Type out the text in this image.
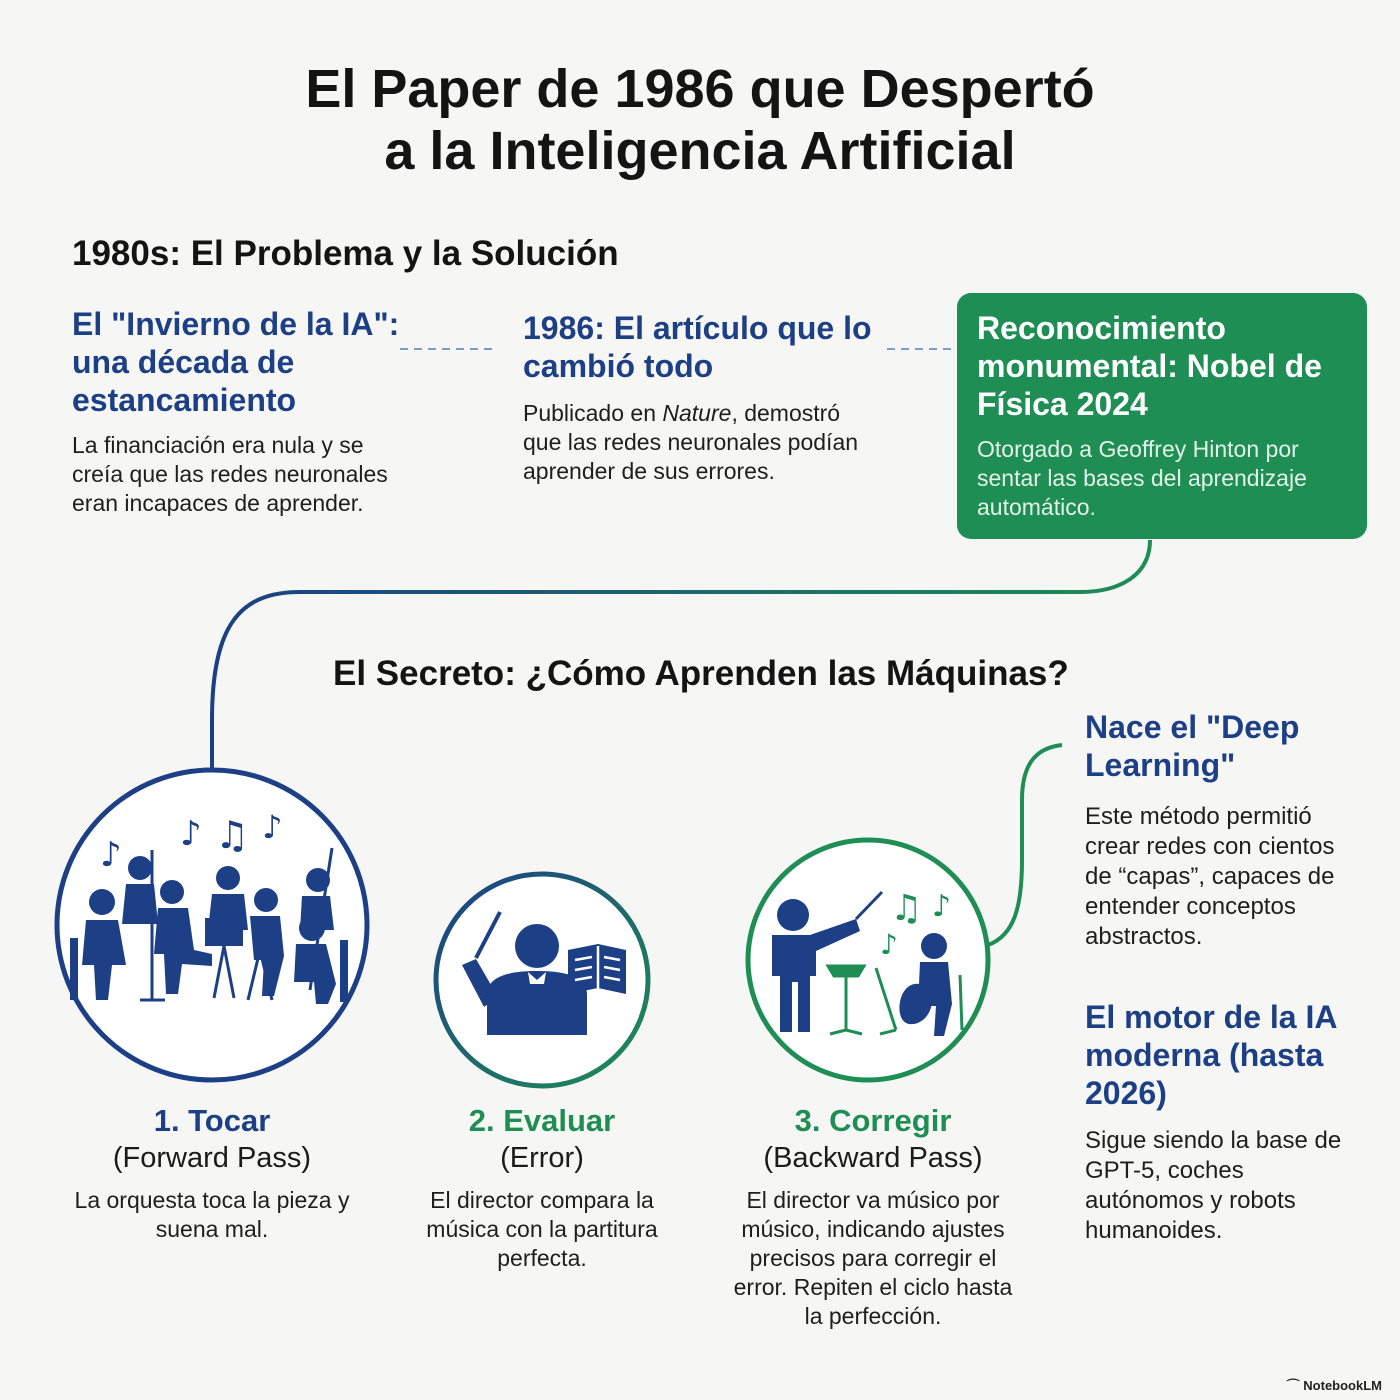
♪
♪ ♫ ♪
♫ ♪
♪
El Paper de 1986 que Despertó
a la Inteligencia Artificial
1980s: El Problema y la Solución
El "Invierno de la IA": una década de estancamiento
La financiación era nula y se creía que las redes neuronales eran incapaces de aprender.
1986: El artículo que lo cambió todo
Publicado en Nature, demostró que las redes neuronales podían aprender de sus errores.
Reconocimiento monumental: Nobel de Física 2024
Otorgado a Geoffrey Hinton por sentar las bases del aprendizaje automático.
El Secreto: ¿Cómo Aprenden las Máquinas?
1. Tocar
(Forward Pass)
La orquesta toca la pieza y suena mal.
2. Evaluar
(Error)
El director compara la música con la partitura perfecta.
3. Corregir
(Backward Pass)
El director va músico por músico, indicando ajustes precisos para corregir el error. Repiten el ciclo hasta la perfección.
Nace el "Deep Learning"
Este método permitió crear redes con cientos de “capas”, capaces de entender conceptos abstractos.
El motor de la IA moderna (hasta 2026)
Sigue siendo la base de GPT-5, coches autónomos y robots humanoides.
⌒ NotebookLM
